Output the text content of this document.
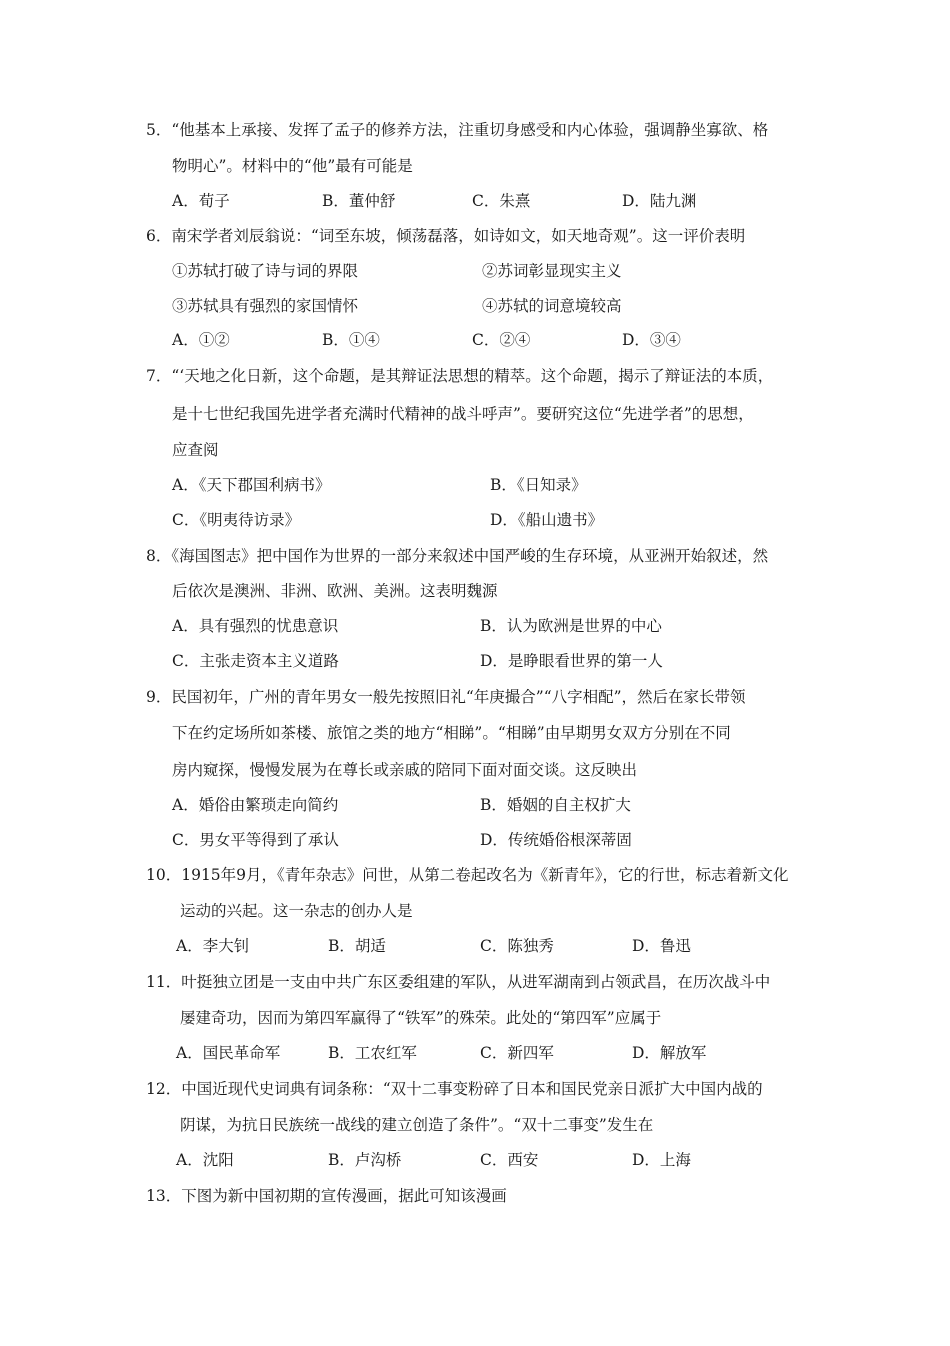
5．“他基本上承接、发挥了孟子的修养方法，注重切身感受和内心体验，强调静坐寡欲、格
物明心”。材料中的“他”最有可能是
A．荀子	B．董仲舒	C．朱熹	D．陆九渊
6．南宋学者刘辰翁说：“词至东坡，倾荡磊落，如诗如文，如天地奇观”。这一评价表明
①苏轼打破了诗与词的界限	②苏词彰显现实主义
③苏轼具有强烈的家国情怀	④苏轼的词意境较高
A．①②	B．①④	C．②④	D．③④
7．“‘天地之化日新，这个命题，是其辩证法思想的精萃。这个命题，揭示了辩证法的本质，
是十七世纪我国先进学者充满时代精神的战斗呼声”。要研究这位“先进学者”的思想，
应查阅
A．《天下郡国利病书》	B．《日知录》
C．《明夷待访录》	D．《船山遗书》
8．《海国图志》把中国作为世界的一部分来叙述中国严峻的生存环境，从亚洲开始叙述，然
后依次是澳洲、非洲、欧洲、美洲。这表明魏源
A．具有强烈的忧患意识	B．认为欧洲是世界的中心
C．主张走资本主义道路	D．是睁眼看世界的第一人
9．民国初年，广州的青年男女一般先按照旧礼“年庚撮合”“八字相配”，然后在家长带领
下在约定场所如茶楼、旅馆之类的地方“相睇”。“相睇”由早期男女双方分别在不同
房内窥探，慢慢发展为在尊长或亲戚的陪同下面对面交谈。这反映出
A．婚俗由繁琐走向简约	B．婚姻的自主权扩大
C．男女平等得到了承认	D．传统婚俗根深蒂固
10．1915年9月，《青年杂志》问世，从第二卷起改名为《新青年》，它的行世，标志着新文化
运动的兴起。这一杂志的创办人是
A．李大钊	B．胡适	C．陈独秀	D．鲁迅
11．叶挺独立团是一支由中共广东区委组建的军队，从进军湖南到占领武昌，在历次战斗中
屡建奇功，因而为第四军赢得了“铁军”的殊荣。此处的“第四军”应属于
A．国民革命军	B．工农红军	C．新四军	D．解放军
12．中国近现代史词典有词条称：“双十二事变粉碎了日本和国民党亲日派扩大中国内战的
阴谋，为抗日民族统一战线的建立创造了条件”。“双十二事变”发生在
A．沈阳	B．卢沟桥	C．西安	D．上海
13．下图为新中国初期的宣传漫画，据此可知该漫画
